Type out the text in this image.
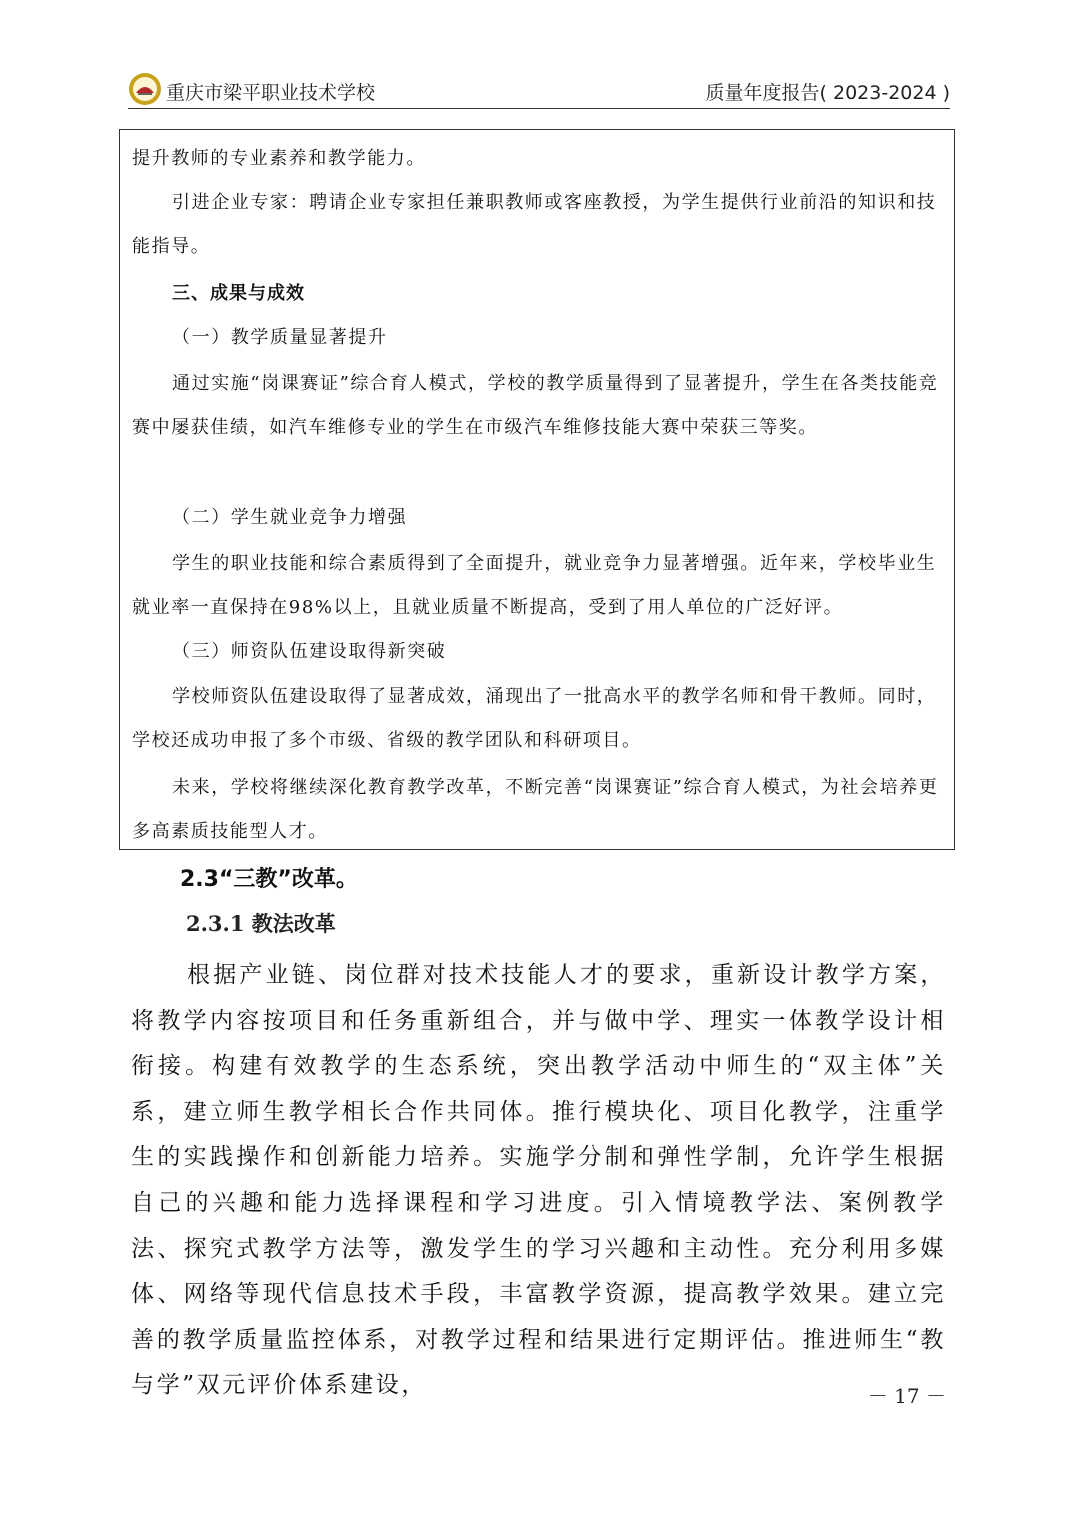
重庆市梁平职业技术学校	质量年度报告( 2023-2024 )

提升教师的专业素养和教学能力。

引进企业专家：聘请企业专家担任兼职教师或客座教授，为学生提供行业前沿的知识和技能指导。

三、成果与成效

（一）教学质量显著提升

通过实施“岗课赛证”综合育人模式，学校的教学质量得到了显著提升，学生在各类技能竞赛中屡获佳绩，如汽车维修专业的学生在市级汽车维修技能大赛中荣获三等奖。

（二）学生就业竞争力增强

学生的职业技能和综合素质得到了全面提升，就业竞争力显著增强。近年来，学校毕业生就业率一直保持在98%以上，且就业质量不断提高，受到了用人单位的广泛好评。

（三）师资队伍建设取得新突破

学校师资队伍建设取得了显著成效，涌现出了一批高水平的教学名师和骨干教师。同时，学校还成功申报了多个市级、省级的教学团队和科研项目。

未来，学校将继续深化教育教学改革，不断完善“岗课赛证”综合育人模式，为社会培养更多高素质技能型人才。

2.3“三教”改革。
2.3.1 教法改革

根据产业链、岗位群对技术技能人才的要求，重新设计教学方案，将教学内容按项目和任务重新组合，并与做中学、理实一体教学设计相衔接。构建有效教学的生态系统，突出教学活动中师生的“双主体”关系，建立师生教学相长合作共同体。推行模块化、项目化教学，注重学生的实践操作和创新能力培养。实施学分制和弹性学制，允许学生根据自己的兴趣和能力选择课程和学习进度。引入情境教学法、案例教学法、探究式教学方法等，激发学生的学习兴趣和主动性。充分利用多媒体、网络等现代信息技术手段，丰富教学资源，提高教学效果。建立完善的教学质量监控体系，对教学过程和结果进行定期评估。推进师生“教与学”双元评价体系建设，	－ 17 －
